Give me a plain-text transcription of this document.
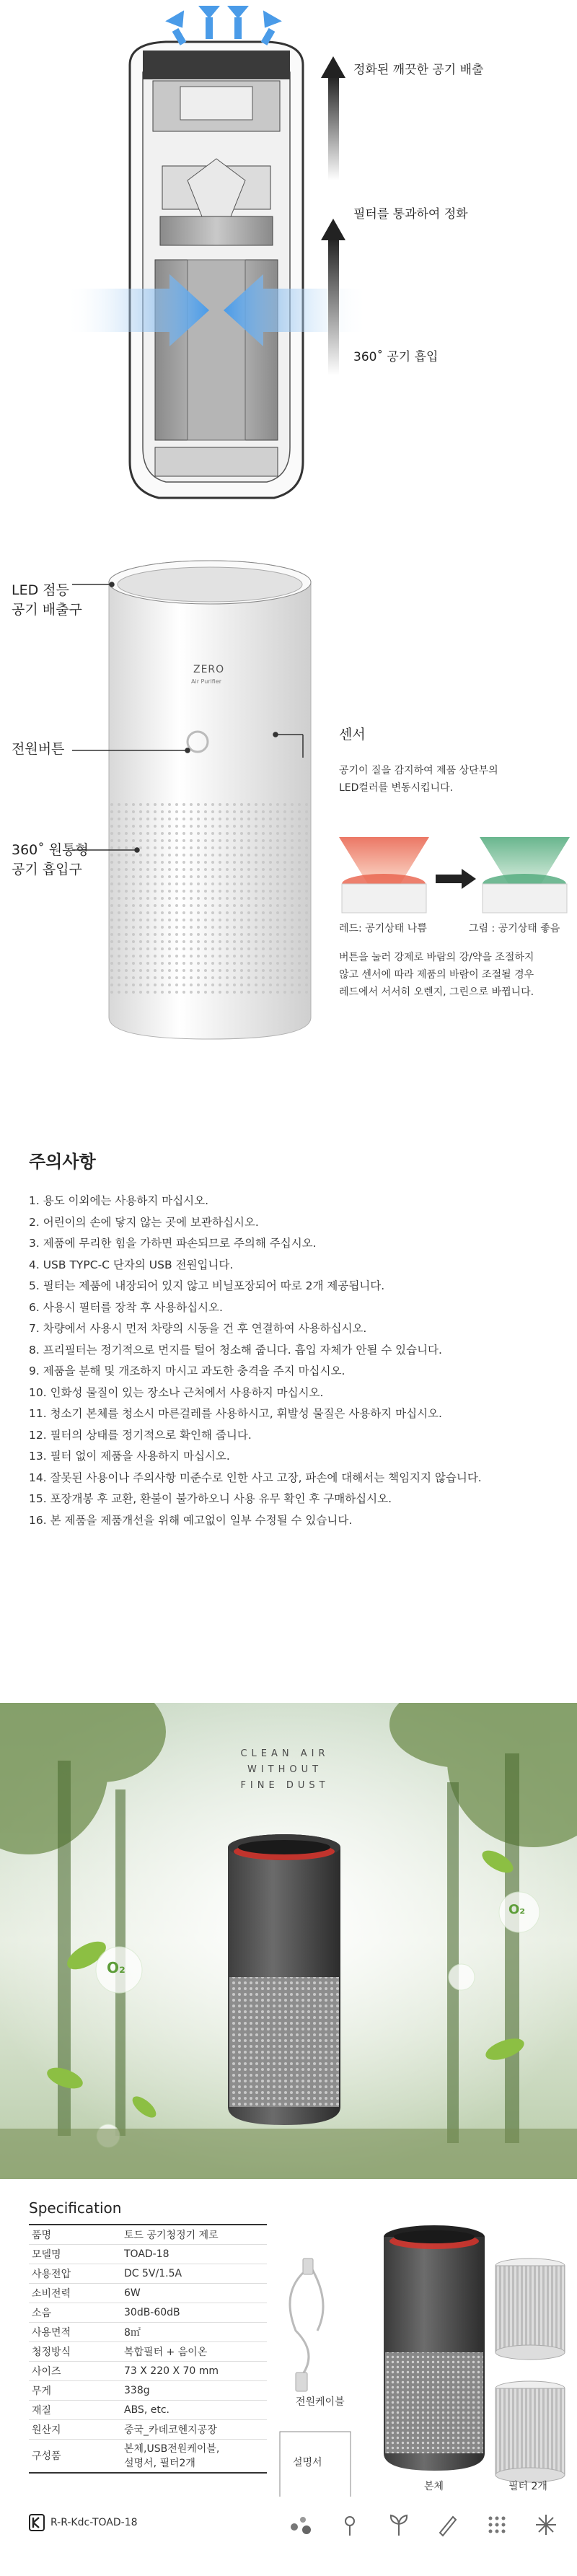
정화된 깨끗한 공기 배출
필터를 통과하여 정화
360˚ 공기 흡입
LED 점등
공기 배출구
전원버튼
360˚ 원통형
공기 흡입구
ZERO
Air Purifier
센서
공기이 질을 감지하여 제품 상단부의
LED컬러를 변동시킵니다.
레드: 공기상태 나쁨	그림 : 공기상태 좋음
버튼을 눌러 강제로 바람의 강/약을 조절하지
않고 센서에 따라 제품의 바람이 조절될 경우
레드에서 서서히 오렌지, 그린으로 바뀝니다.
주의사항
1. 용도 이외에는 사용하지 마십시오.
2. 어린이의 손에 닿지 않는 곳에 보관하십시오.
3. 제품에 무리한 힘을 가하면 파손되므로 주의해 주십시오.
4. USB TYPC-C 단자의 USB 전원입니다.
5. 필터는 제품에 내장되어 있지 않고 비닐포장되어 따로 2개 제공됩니다.
6. 사용시 필터를 장착 후 사용하십시오.
7. 차량에서 사용시 먼저 차량의 시동을 건 후 연결하여 사용하십시오.
8. 프리필터는 정기적으로 먼지를 털어 청소해 줍니다. 흡입 자체가 안될 수 있습니다.
9. 제품을 분해 및 개조하지 마시고 과도한 충격을 주지 마십시오.
10. 인화성 물질이 있는 장소나 근처에서 사용하지 마십시오.
11. 청소기 본체를 청소시 마른걸레를 사용하시고, 휘발성 물질은 사용하지 마십시오.
12. 필터의 상태를 정기적으로 확인해 줍니다.
13. 필터 없이 제품을 사용하지 마십시오.
14. 잘못된 사용이나 주의사항 미준수로 인한 사고 고장, 파손에 대해서는 책임지지 않습니다.
15. 포장개봉 후 교환, 환불이 불가하오니 사용 유무 확인 후 구매하십시오.
16. 본 제품을 제품개선을 위해 예고없이 일부 수정될 수 있습니다.
CLEAN AIR
WITHOUT
FINE DUST
O₂
O₂
Specification
품명	토드 공기청정기 제로
모델명	TOAD-18
사용전압	DC 5V/1.5A
소비전력	6W
소음	30dB-60dB
사용면적	8㎡
청정방식	복합필터 + 음이온
사이즈	73 X 220 X 70 mm
무게	338g
재질	ABS, etc.
원산지	중국_카데코헨지공장
구성품	본체,USB전원케이블,
설명서, 필터2개
R-R-Kdc-TOAD-18
전원케이블
설명서
본체	필터 2개
